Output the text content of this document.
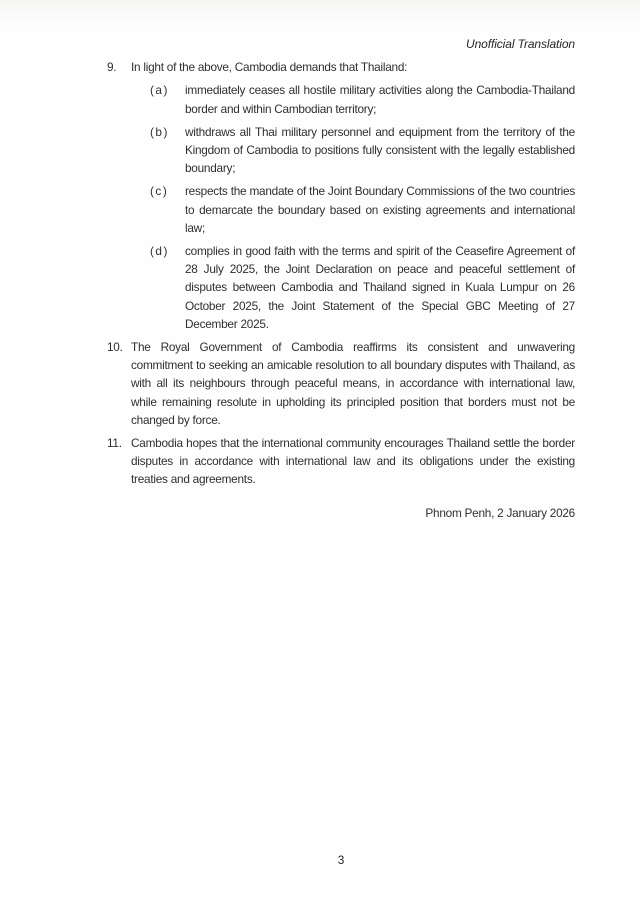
Unofficial Translation
9.	In light of the above, Cambodia demands that Thailand:
(a)	immediately ceases all hostile military activities along the Cambodia-Thailand border and within Cambodian territory;
(b)	withdraws all Thai military personnel and equipment from the territory of the Kingdom of Cambodia to positions fully consistent with the legally established boundary;
(c)	respects the mandate of the Joint Boundary Commissions of the two countries to demarcate the boundary based on existing agreements and international law;
(d)	complies in good faith with the terms and spirit of the Ceasefire Agreement of 28 July 2025, the Joint Declaration on peace and peaceful settlement of disputes between Cambodia and Thailand signed in Kuala Lumpur on 26 October 2025, the Joint Statement of the Special GBC Meeting of 27 December 2025.
10. The Royal Government of Cambodia reaffirms its consistent and unwavering commitment to seeking an amicable resolution to all boundary disputes with Thailand, as with all its neighbours through peaceful means, in accordance with international law, while remaining resolute in upholding its principled position that borders must not be changed by force.
11. Cambodia hopes that the international community encourages Thailand settle the border disputes in accordance with international law and its obligations under the existing treaties and agreements.
Phnom Penh, 2 January 2026
3
